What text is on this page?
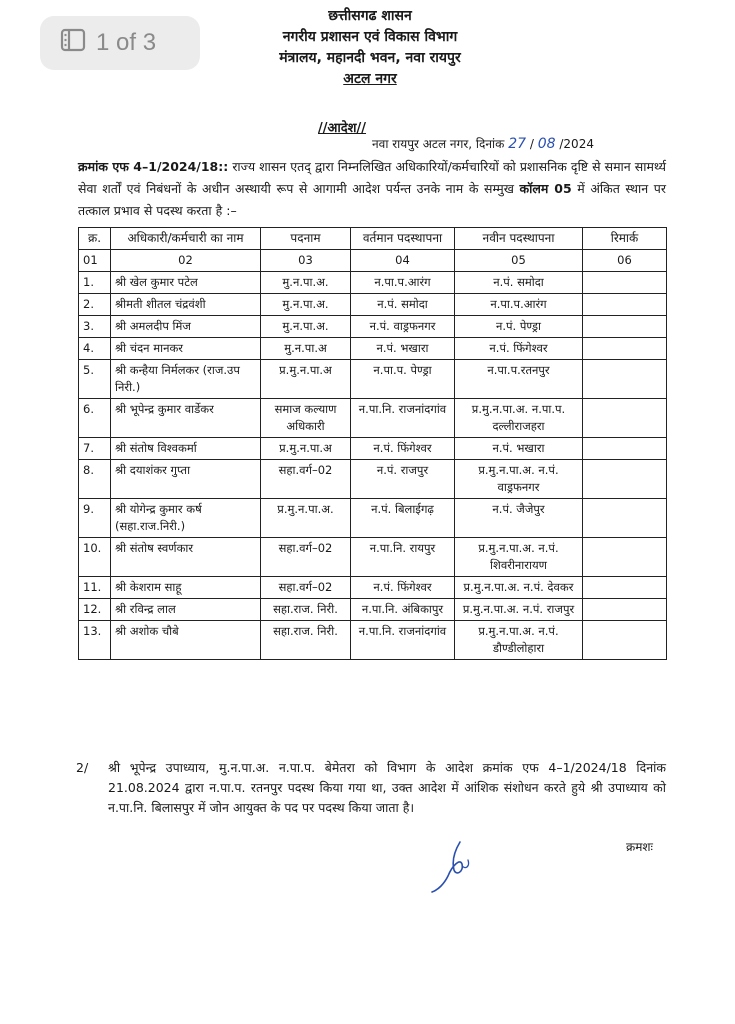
1 of 3
छत्तीसगढ शासन
नगरीय प्रशासन एवं विकास विभाग
मंत्रालय, महानदी भवन, नवा रायपुर
अटल नगर
//आदेश//
नवा रायपुर अटल नगर, दिनांक 27 / 08 /2024
क्रमांक एफ 4–1/2024/18:: राज्य शासन एतद् द्वारा निम्नलिखित अधिकारियों/कर्मचारियों को प्रशासनिक दृष्टि से समान सामर्थ्य सेवा शर्तों एवं निबंधनों के अधीन अस्थायी रूप से आगामी आदेश पर्यन्त उनके नाम के सम्मुख कॉलम 05 में अंकित स्थान पर तत्काल प्रभाव से पदस्थ करता है :–
क्र.	अधिकारी/कर्मचारी का नाम	पदनाम	वर्तमान पदस्थापना	नवीन पदस्थापना	रिमार्क
01	02	03	04	05	06
1.	श्री खेल कुमार पटेल	मु.न.पा.अ.	न.पा.प.आरंग	न.पं. समोदा	
2.	श्रीमती शीतल चंद्रवंशी	मु.न.पा.अ.	न.पं. समोदा	न.पा.प.आरंग	
3.	श्री अमलदीप मिंज	मु.न.पा.अ.	न.पं. वाड्रफनगर	न.पं. पेण्ड्रा	
4.	श्री चंदन मानकर	मु.न.पा.अ	न.पं. भखारा	न.पं. फिंगेश्वर	
5.	श्री कन्हैया निर्मलकर (राज.उप निरी.)	प्र.मु.न.पा.अ	न.पा.प. पेण्ड्रा	न.पा.प.रतनपुर	
6.	श्री भूपेन्द्र कुमार वार्डेकर	समाज कल्याण अधिकारी	न.पा.नि. राजनांदगांव	प्र.मु.न.पा.अ. न.पा.प. दल्लीराजहरा	
7.	श्री संतोष विश्वकर्मा	प्र.मु.न.पा.अ	न.पं. फिंगेश्वर	न.पं. भखारा	
8.	श्री दयाशंकर गुप्ता	सहा.वर्ग–02	न.पं. राजपुर	प्र.मु.न.पा.अ. न.पं. वाड्रफनगर	
9.	श्री योगेन्द्र कुमार कर्ष (सहा.राज.निरी.)	प्र.मु.न.पा.अ.	न.पं. बिलाईगढ़	न.पं. जैजेपुर	
10.	श्री संतोष स्वर्णकार	सहा.वर्ग–02	न.पा.नि. रायपुर	प्र.मु.न.पा.अ. न.पं. शिवरीनारायण	
11.	श्री केशराम साहू	सहा.वर्ग–02	न.पं. फिंगेश्वर	प्र.मु.न.पा.अ. न.पं. देवकर	
12.	श्री रविन्द्र लाल	सहा.राज. निरी.	न.पा.नि. अंबिकापुर	प्र.मु.न.पा.अ. न.पं. राजपुर	
13.	श्री अशोक चौबे	सहा.राज. निरी.	न.पा.नि. राजनांदगांव	प्र.मु.न.पा.अ. न.पं. डौण्डीलोहारा	
2/ श्री भूपेन्द्र उपाध्याय, मु.न.पा.अ. न.पा.प. बेमेतरा को विभाग के आदेश क्रमांक एफ 4–1/2024/18 दिनांक 21.08.2024 द्वारा न.पा.प. रतनपुर पदस्थ किया गया था, उक्त आदेश में आंशिक संशोधन करते हुये श्री उपाध्याय को न.पा.नि. बिलासपुर में जोन आयुक्त के पद पर पदस्थ किया जाता है।
क्रमशः
